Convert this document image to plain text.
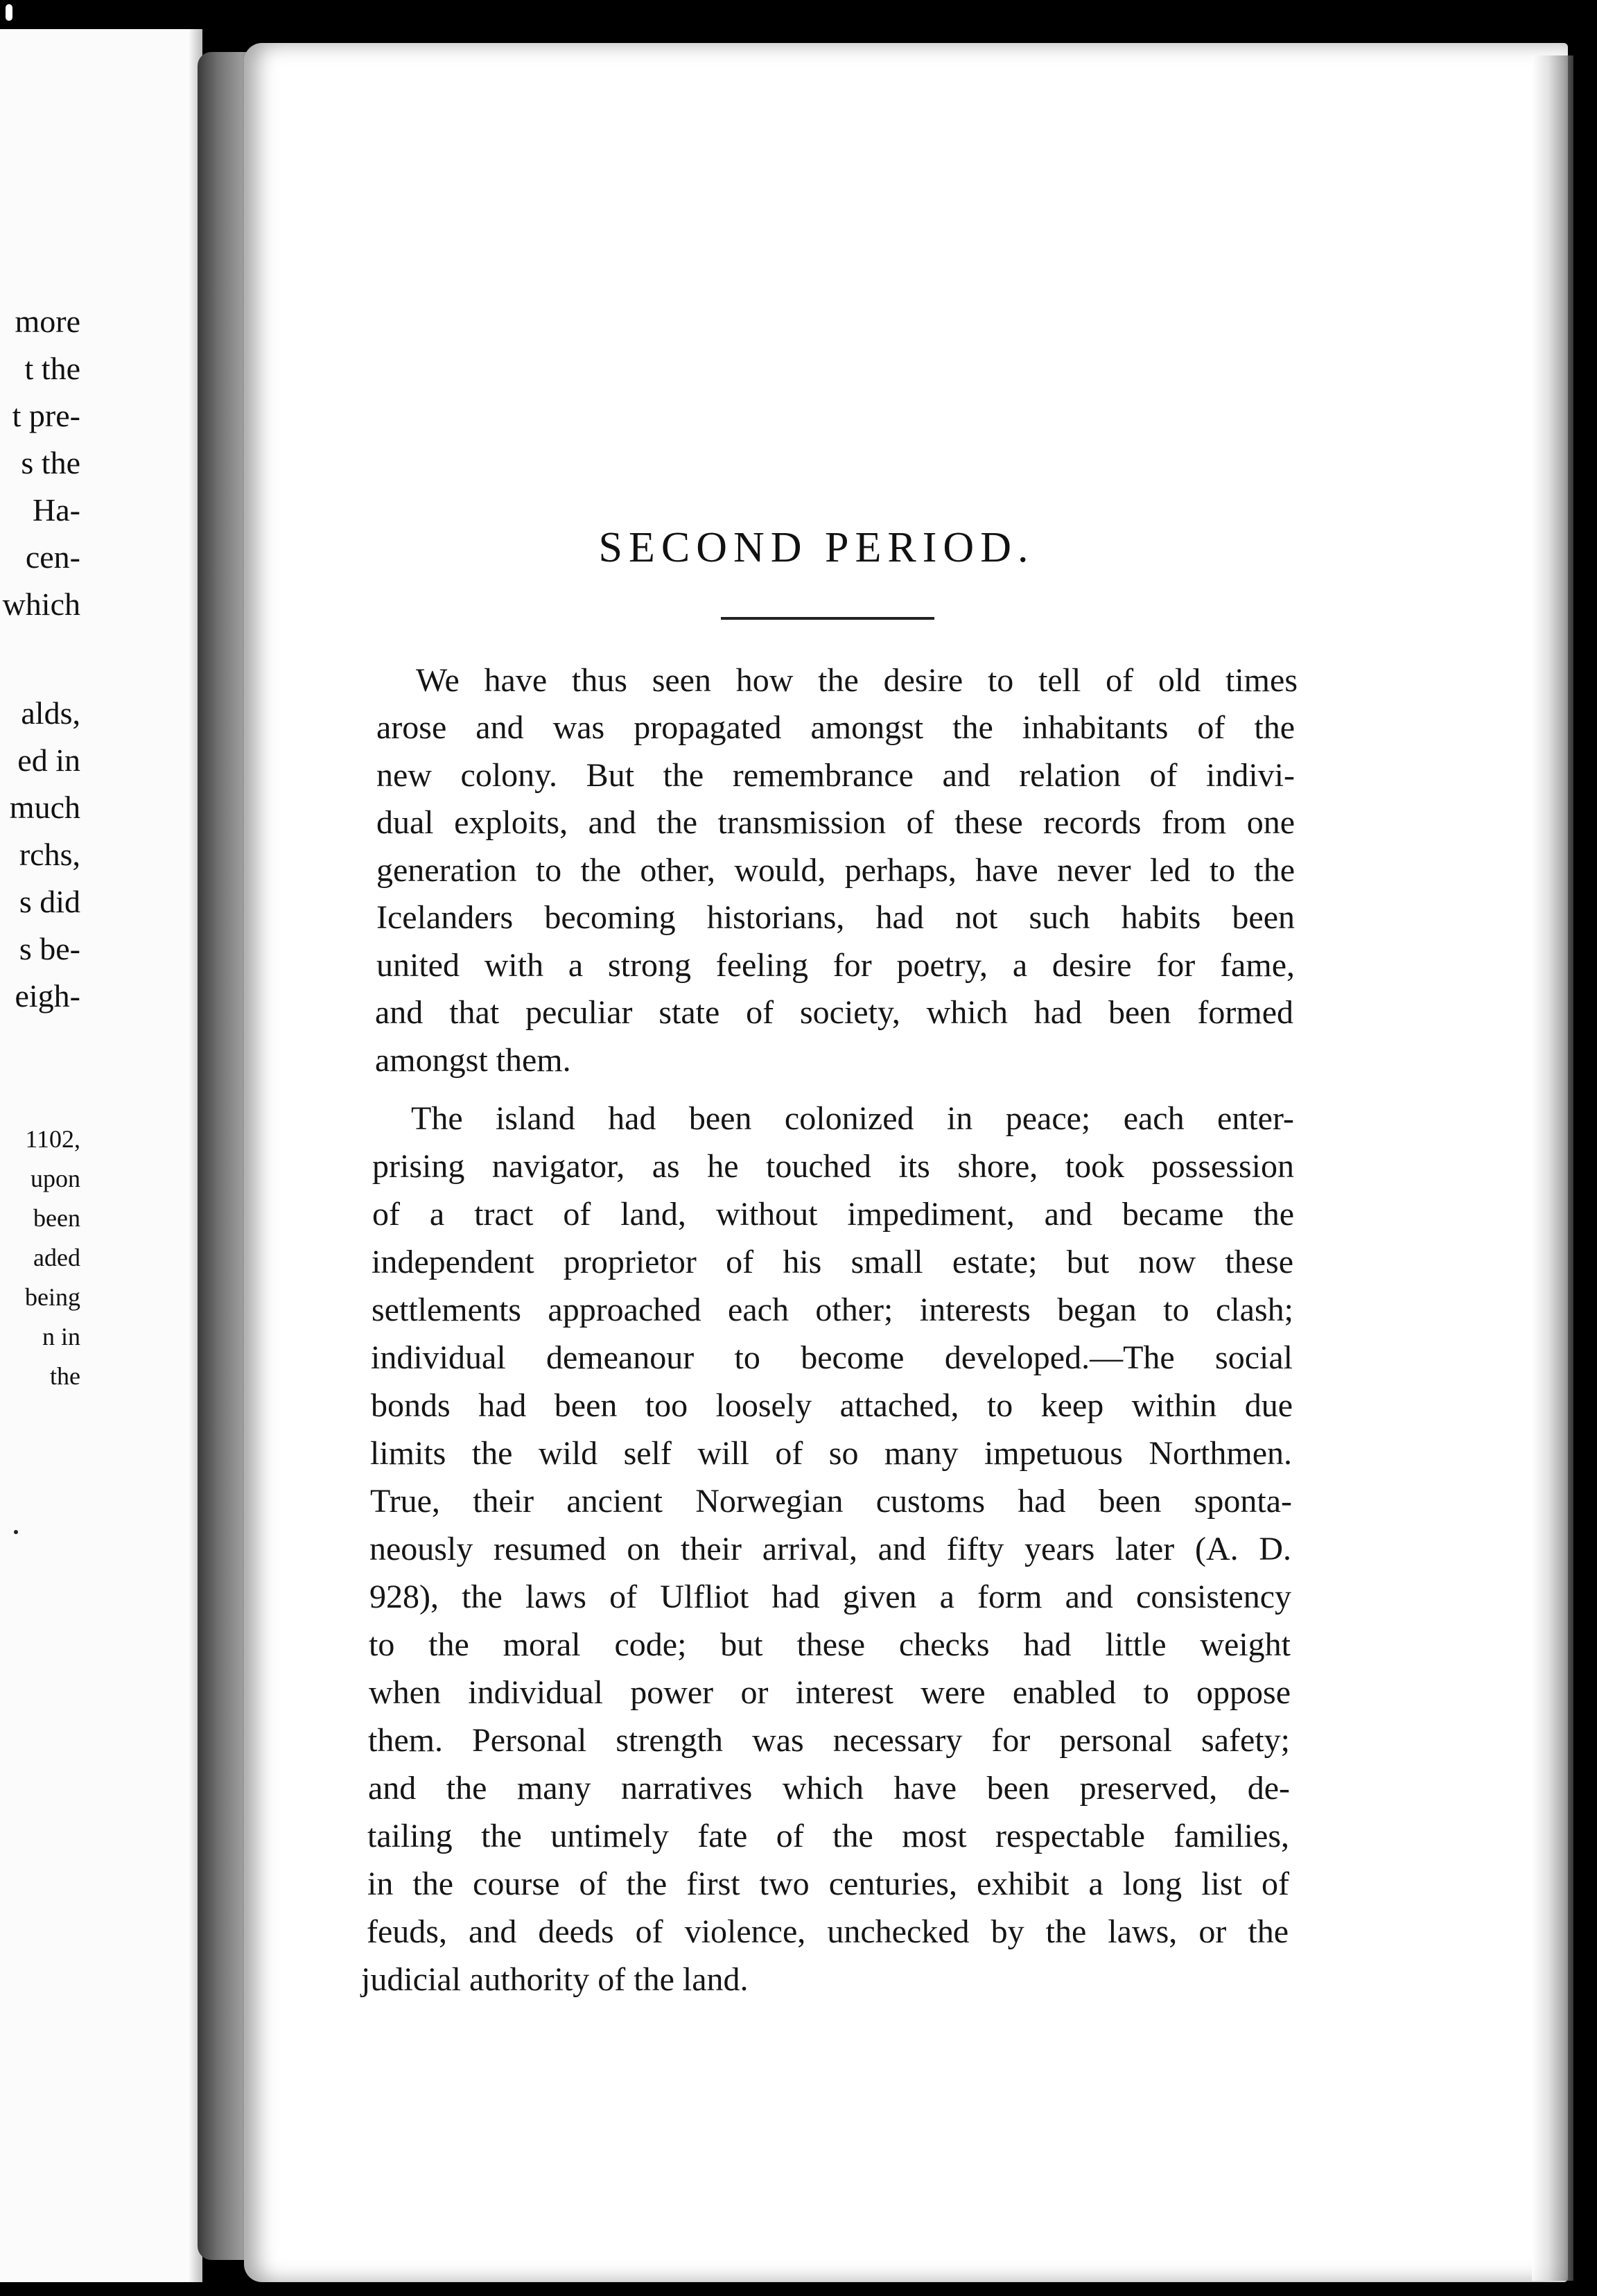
more
t the
t pre-
s the
Ha-
cen-
which
alds,
ed in
much
rchs,
s did
s be-
eigh-
1102,
upon
been
aded
being
n in
the
SECOND PERIOD.
We have thus seen how the desire to tell of old times
arose and was propagated amongst the inhabitants of the
new colony. But the remembrance and relation of indivi-
dual exploits, and the transmission of these records from one
generation to the other, would, perhaps, have never led to the
Icelanders becoming historians, had not such habits been
united with a strong feeling for poetry, a desire for fame,
and that peculiar state of society, which had been formed
amongst them.
The island had been colonized in peace; each enter-
prising navigator, as he touched its shore, took possession
of a tract of land, without impediment, and became the
independent proprietor of his small estate; but now these
settlements approached each other; interests began to clash;
individual demeanour to become developed.—The social
bonds had been too loosely attached, to keep within due
limits the wild self will of so many impetuous Northmen.
True, their ancient Norwegian customs had been sponta-
neously resumed on their arrival, and fifty years later (A. D.
928), the laws of Ulfliot had given a form and consistency
to the moral code; but these checks had little weight
when individual power or interest were enabled to oppose
them. Personal strength was necessary for personal safety;
and the many narratives which have been preserved, de-
tailing the untimely fate of the most respectable families,
in the course of the first two centuries, exhibit a long list of
feuds, and deeds of violence, unchecked by the laws, or the
judicial authority of the land.
